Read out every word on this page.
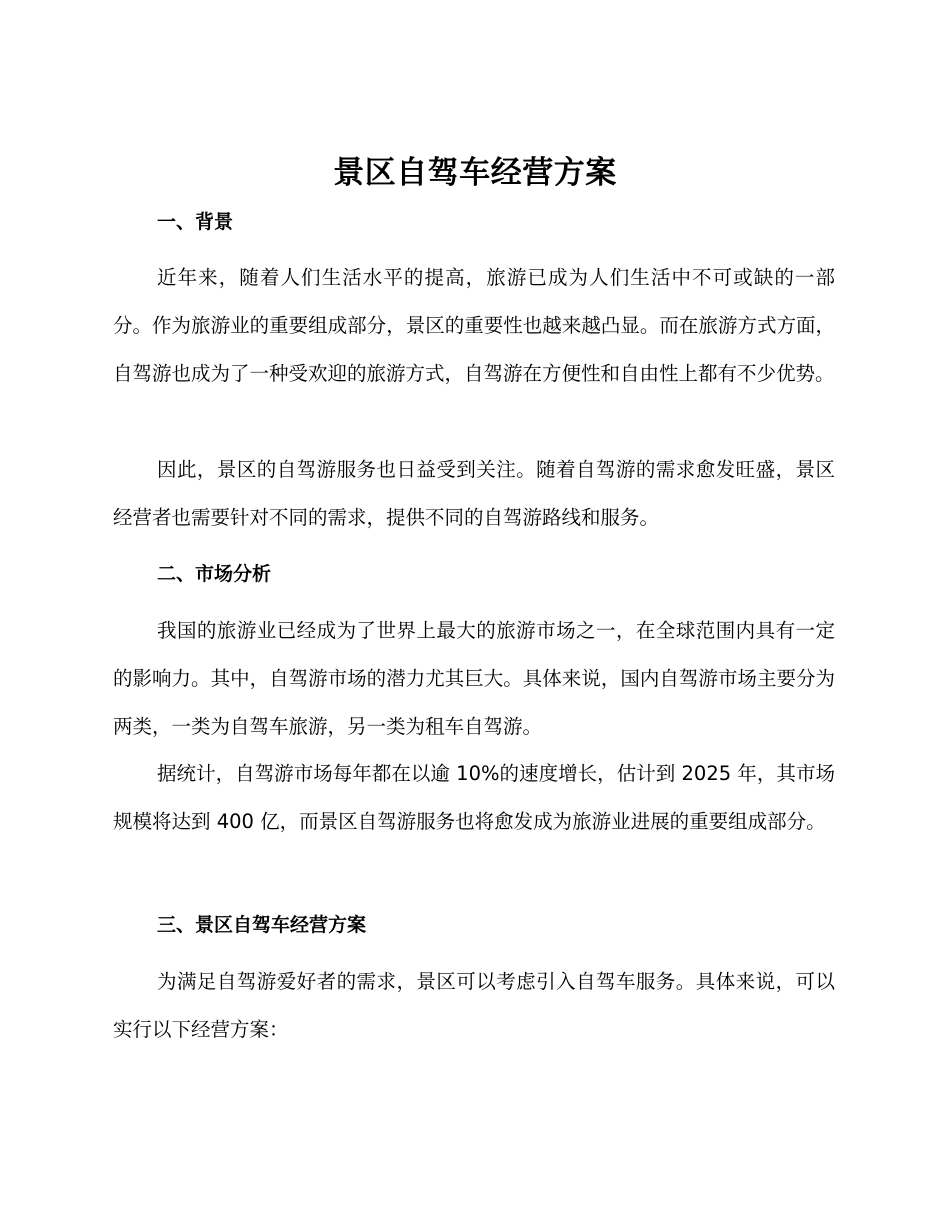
景区自驾车经营方案
一、背景

近年来，随着人们生活水平的提高，旅游已成为人们生活中不可或缺的一部分。作为旅游业的重要组成部分，景区的重要性也越来越凸显。而在旅游方式方面，自驾游也成为了一种受欢迎的旅游方式，自驾游在方便性和自由性上都有不少优势。

因此，景区的自驾游服务也日益受到关注。随着自驾游的需求愈发旺盛，景区经营者也需要针对不同的需求，提供不同的自驾游路线和服务。

二、市场分析

我国的旅游业已经成为了世界上最大的旅游市场之一，在全球范围内具有一定的影响力。其中，自驾游市场的潜力尤其巨大。具体来说，国内自驾游市场主要分为两类，一类为自驾车旅游，另一类为租车自驾游。

据统计，自驾游市场每年都在以逾 10%的速度增长，估计到 2025 年，其市场规模将达到 400 亿，而景区自驾游服务也将愈发成为旅游业进展的重要组成部分。

三、景区自驾车经营方案

为满足自驾游爱好者的需求，景区可以考虑引入自驾车服务。具体来说，可以实行以下经营方案：
